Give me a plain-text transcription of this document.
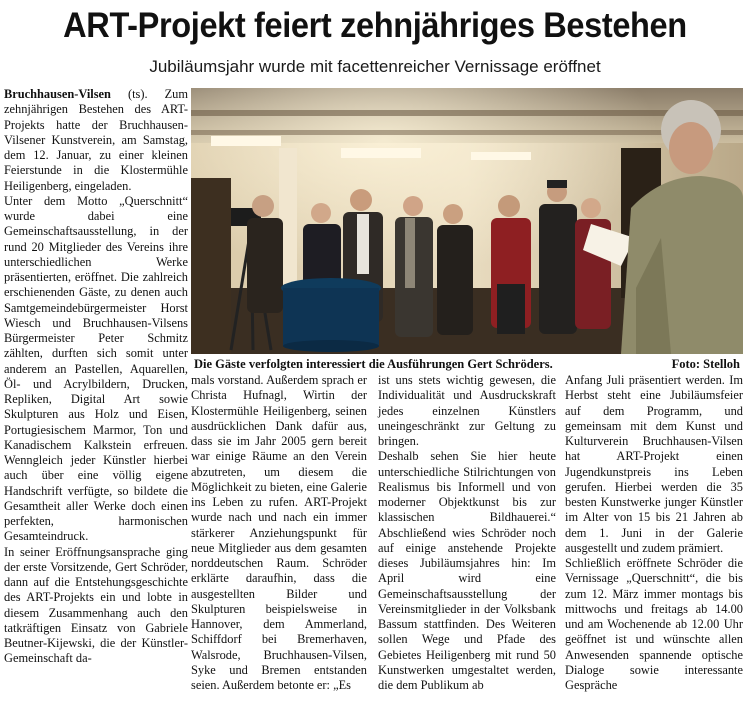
ART-Projekt feiert zehnjähriges Bestehen
Jubiläumsjahr wurde mit facettenreicher Vernissage eröffnet

Bruchhausen-Vilsen (ts). Zum zehnjährigen Bestehen des ART-Projekts hatte der Bruchhausen-Vilsener Kunstverein, am Samstag, dem 12. Januar, zu einer kleinen Feierstunde in die Klostermühle Heiligenberg, eingeladen.

Unter dem Motto „Querschnitt“ wurde dabei eine Gemeinschaftsausstellung, in der rund 20 Mitglieder des Vereins ihre unterschiedlichen Werke präsentierten, eröffnet. Die zahlreich erschienenden Gäste, zu denen auch Samtgemeindebürgermeister Horst Wiesch und Bruchhausen-Vilsens Bürgermeister Peter Schmitz zählten, durften sich somit unter anderem an Pastellen, Aquarellen, Öl- und Acrylbildern, Drucken, Repliken, Digital Art sowie Skulpturen aus Holz und Eisen, Portugiesischem Marmor, Ton und Kanadischem Kalkstein erfreuen. Wenngleich jeder Künstler hierbei auch über eine völlig eigene Handschrift verfügte, so bildete die Gesamtheit aller Werke doch einen perfekten, harmonischen Gesamteindruck.

In seiner Eröffnungsansprache ging der erste Vorsitzende, Gert Schröder, dann auf die Entstehungsgeschichte des ART-Projekts ein und lobte in diesem Zusammenhang auch den tatkräftigen Einsatz von Gabriele Beutner-Kijewski, die der Künstler-Gemeinschaft da-

Die Gäste verfolgten interessiert die Ausführungen Gert Schröders.	Foto: Stelloh

mals vorstand. Außerdem sprach er Christa Hufnagl, Wirtin der Klostermühle Heiligenberg, seinen ausdrücklichen Dank dafür aus, dass sie im Jahr 2005 gern bereit war einige Räume an den Verein abzutreten, um diesem die Möglichkeit zu bieten, eine Galerie ins Leben zu rufen. ART-Projekt wurde nach und nach ein immer stärkerer Anziehungspunkt für neue Mitglieder aus dem gesamten norddeutschen Raum. Schröder erklärte daraufhin, dass die ausgestellten Bilder und Skulpturen beispielsweise in Hannover, dem Ammerland, Schiffdorf bei Bremerhaven, Walsrode, Bruchhausen-Vilsen, Syke und Bremen entstanden seien. Außerdem betonte er: „Es

ist uns stets wichtig gewesen, die Individualität und Ausdruckskraft jedes einzelnen Künstlers uneingeschränkt zur Geltung zu bringen.

Deshalb sehen Sie hier heute unterschiedliche Stilrichtungen von Realismus bis Informell und von moderner Objektkunst bis zur klassischen Bildhauerei.“ Abschließend wies Schröder noch auf einige anstehende Projekte dieses Jubiläumsjahres hin: Im April wird eine Gemeinschaftsausstellung der Vereinsmitglieder in der Volksbank Bassum stattfinden. Des Weiteren sollen Wege und Pfade des Gebietes Heiligenberg mit rund 50 Kunstwerken umgestaltet werden, die dem Publikum ab

Anfang Juli präsentiert werden. Im Herbst steht eine Jubiläumsfeier auf dem Programm, und gemeinsam mit dem Kunst und Kulturverein Bruchhausen-Vilsen hat ART-Projekt einen Jugendkunstpreis ins Leben gerufen. Hierbei werden die 35 besten Kunstwerke junger Künstler im Alter von 15 bis 21 Jahren ab dem 1. Juni in der Galerie ausgestellt und zudem prämiert.

Schließlich eröffnete Schröder die Vernissage „Querschnitt“, die bis zum 12. März immer montags bis mittwochs und freitags ab 14.00 und am Wochenende ab 12.00 Uhr geöffnet ist und wünschte allen Anwesenden spannende optische Dialoge sowie interessante Gespräche
